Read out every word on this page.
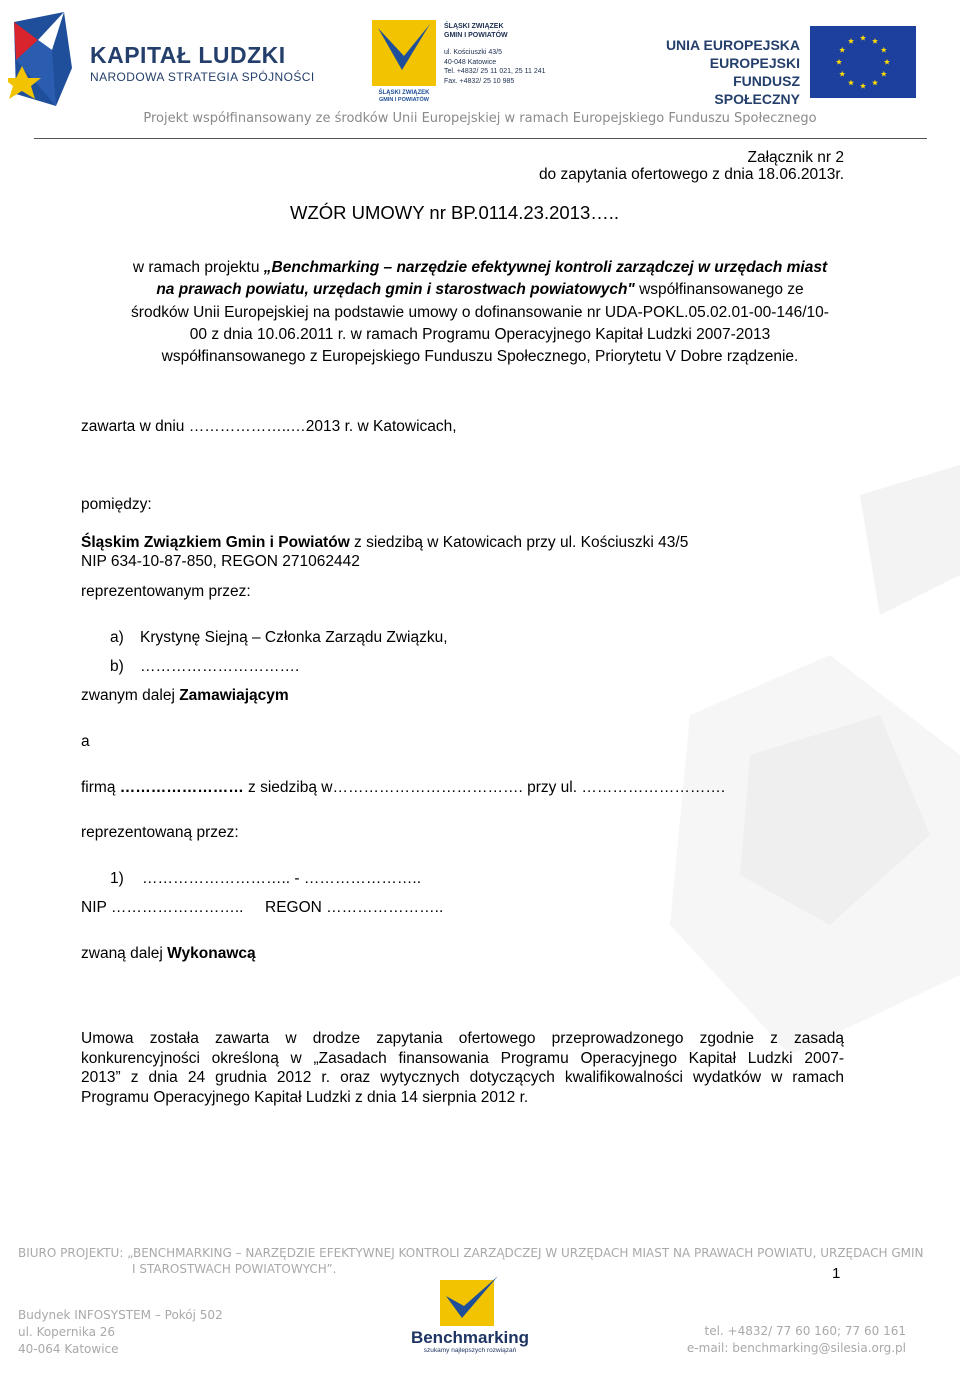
KAPITAŁ LUDZKI
NARODOWA STRATEGIA SPÓJNOŚCI
ŚLĄSKI ZWIĄZEK
GMIN I POWIATÓW
ŚLĄSKI ZWIĄZEK
GMIN I POWIATÓW
ul. Kościuszki 43/5
40-048 Katowice
Tel. +4832/ 25 11 021, 25 11 241
Fax. +4832/ 25 10 985
UNIA EUROPEJSKA
EUROPEJSKI
FUNDUSZ SPOŁECZNY
Projekt współfinansowany ze środków Unii Europejskiej w ramach Europejskiego Funduszu Społecznego
Załącznik nr 2
do zapytania ofertowego z dnia 18.06.2013r.
WZÓR UMOWY nr BP.0114.23.2013…..
w ramach projektu „Benchmarking – narzędzie efektywnej kontroli zarządczej w urzędach miast
na prawach powiatu, urzędach gmin i starostwach powiatowych" współfinansowanego ze
środków Unii Europejskiej na podstawie umowy o dofinansowanie nr UDA-POKL.05.02.01-00-146/10-
00 z dnia 10.06.2011 r. w ramach Programu Operacyjnego Kapitał Ludzki 2007-2013
współfinansowanego z Europejskiego Funduszu Społecznego, Priorytetu V Dobre rządzenie.
zawarta w dniu ………………..…2013 r. w Katowicach,
pomiędzy:
Śląskim Związkiem Gmin i Powiatów z siedzibą w Katowicach przy ul. Kościuszki 43/5
NIP 634-10-87-850, REGON 271062442
reprezentowanym przez:
a) Krystynę Siejną – Członka Zarządu Związku,
b) ………………………….
zwanym dalej Zamawiającym
a
firmą …………………… z siedzibą w………………………………. przy ul. ……………………….
reprezentowaną przez:
1) ……………………….. - …………………..
NIP ……………………..     REGON …………………..
zwaną dalej Wykonawcą
Umowa została zawarta w drodze zapytania ofertowego przeprowadzonego zgodnie z zasadą
konkurencyjności określoną w „Zasadach finansowania Programu Operacyjnego Kapitał Ludzki 2007-
2013” z dnia 24 grudnia 2012 r. oraz wytycznych dotyczących kwalifikowalności wydatków w ramach
Programu Operacyjnego Kapitał Ludzki z dnia 14 sierpnia 2012 r.
BIURO PROJEKTU: „BENCHMARKING – NARZĘDZIE EFEKTYWNEJ KONTROLI ZARZĄDCZEJ W URZĘDACH MIAST NA PRAWACH POWIATU, URZĘDACH GMIN
I STAROSTWACH POWIATOWYCH”.	1
Budynek INFOSYSTEM – Pokój 502
ul. Kopernika 26
40-064 Katowice
Benchmarking
szukamy najlepszych rozwiązań
tel. +4832/ 77 60 160; 77 60 161
e-mail: benchmarking@silesia.org.pl
